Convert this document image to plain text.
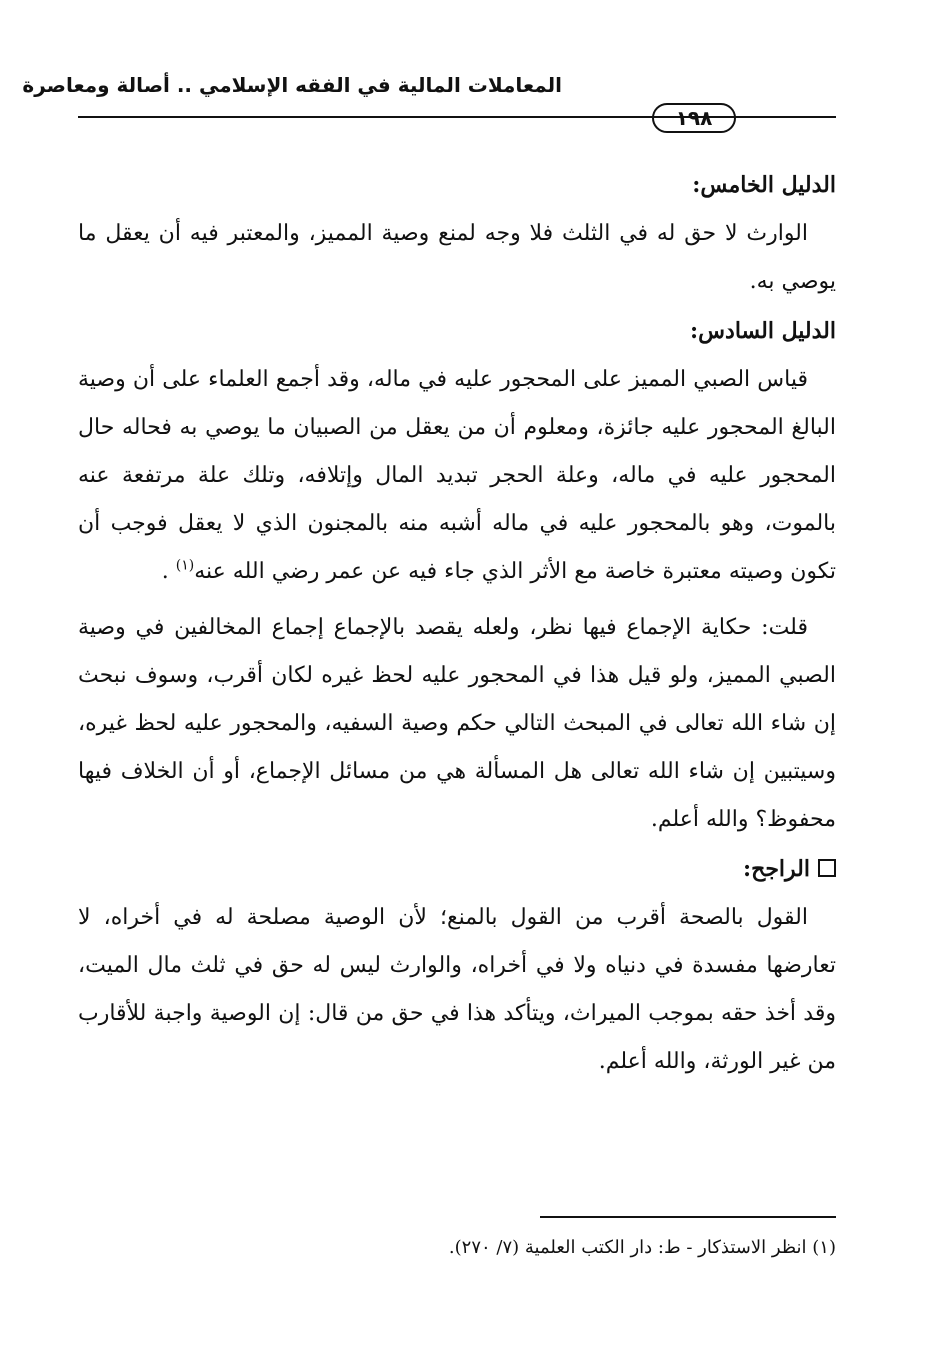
المعاملات المالية في الفقه الإسلامي .. أصالة ومعاصرة
١٩٨
الدليل الخامس:

الوارث لا حق له في الثلث فلا وجه لمنع وصية المميز، والمعتبر فيه أن يعقل ما يوصي به.

الدليل السادس:

قياس الصبي المميز على المحجور عليه في ماله، وقد أجمع العلماء على أن وصية البالغ المحجور عليه جائزة، ومعلوم أن من يعقل من الصبيان ما يوصي به فحاله حال المحجور عليه في ماله، وعلة الحجر تبديد المال وإتلافه، وتلك علة مرتفعة عنه بالموت، وهو بالمحجور عليه في ماله أشبه منه بالمجنون الذي لا يعقل فوجب أن تكون وصيته معتبرة خاصة مع الأثر الذي جاء فيه عن عمر رضي الله عنه$^{(١)}$ .

قلت: حكاية الإجماع فيها نظر، ولعله يقصد بالإجماع إجماع المخالفين في وصية الصبي المميز، ولو قيل هذا في المحجور عليه لحظ غيره لكان أقرب، وسوف نبحث إن شاء الله تعالى في المبحث التالي حكم وصية السفيه، والمحجور عليه لحظ غيره، وسيتبين إن شاء الله تعالى هل المسألة هي من مسائل الإجماع، أو أن الخلاف فيها محفوظ؟ والله أعلم.

الراجح:

القول بالصحة أقرب من القول بالمنع؛ لأن الوصية مصلحة له في أخراه، لا تعارضها مفسدة في دنياه ولا في أخراه، والوارث ليس له حق في ثلث مال الميت، وقد أخذ حقه بموجب الميراث، ويتأكد هذا في حق من قال: إن الوصية واجبة للأقارب من غير الورثة، والله أعلم.

(١) انظر الاستذكار - ط: دار الكتب العلمية (٧/ ٢٧٠).
